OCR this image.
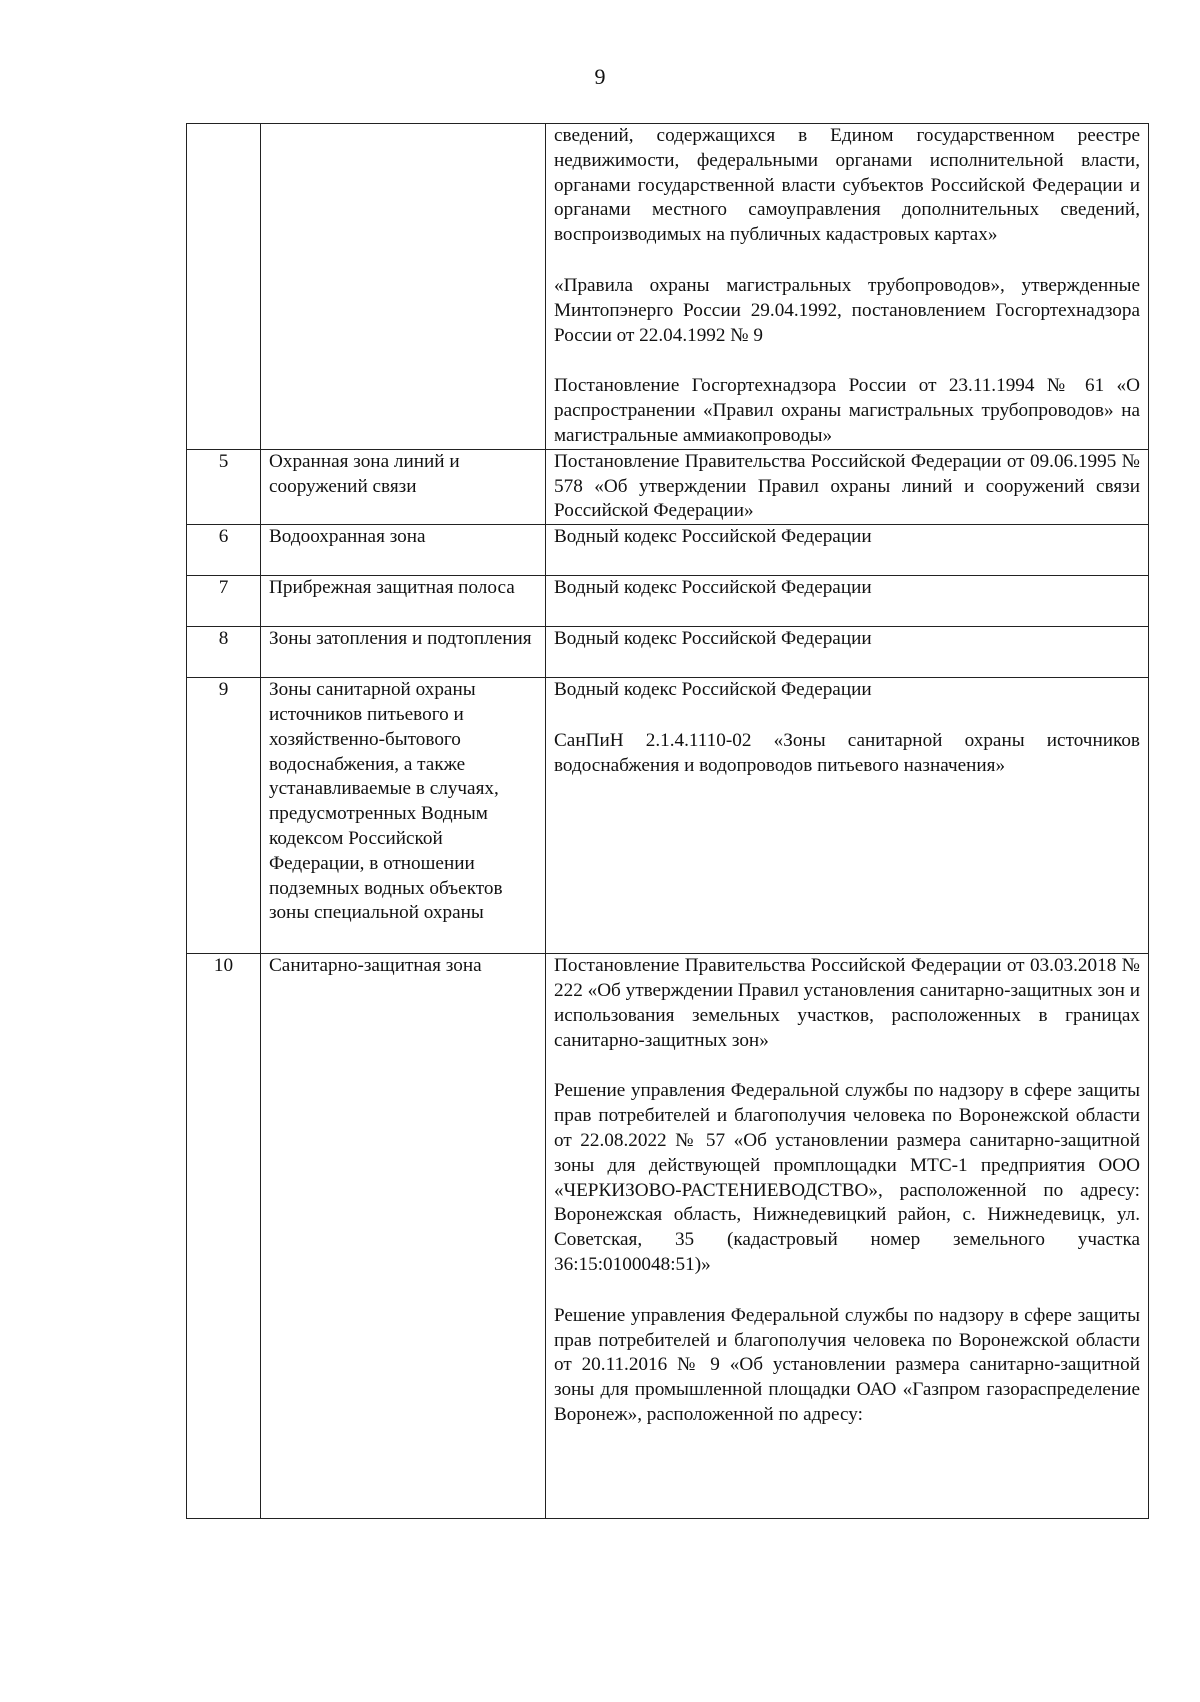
9

		сведений, содержащихся в Едином государственном реестре недвижимости, федеральными органами исполнительной власти, органами государственной власти субъектов Российской Федерации и органами местного самоуправления дополнительных сведений, воспроизводимых на публичных кадастровых картах»

«Правила охраны магистральных трубопроводов», утвержденные Минтопэнерго России 29.04.1992, постановлением Госгортехнадзора России от 22.04.1992 № 9

Постановление Госгортехнадзора России от 23.11.1994 № 61 «О распространении «Правил охраны магистральных трубопроводов» на магистральные аммиакопроводы»

5	Охранная зона линий и сооружений связи	Постановление Правительства Российской Федерации от 09.06.1995 № 578 «Об утверждении Правил охраны линий и сооружений связи Российской Федерации»

6	Водоохранная зона	Водный кодекс Российской Федерации

7	Прибрежная защитная полоса	Водный кодекс Российской Федерации

8	Зоны затопления и подтопления	Водный кодекс Российской Федерации

9	Зоны санитарной охраны источников питьевого и хозяйственно-бытового водоснабжения, а также устанавливаемые в случаях, предусмотренных Водным кодексом Российской Федерации, в отношении подземных водных объектов зоны специальной охраны	Водный кодекс Российской Федерации

СанПиН 2.1.4.1110-02 «Зоны санитарной охраны источников водоснабжения и водопроводов питьевого назначения»

10	Санитарно-защитная зона	Постановление Правительства Российской Федерации от 03.03.2018 № 222 «Об утверждении Правил установления санитарно-защитных зон и использования земельных участков, расположенных в границах санитарно-защитных зон»

Решение управления Федеральной службы по надзору в сфере защиты прав потребителей и благополучия человека по Воронежской области от 22.08.2022 № 57 «Об установлении размера санитарно-защитной зоны для действующей промплощадки МТС-1 предприятия ООО «ЧЕРКИЗОВО-РАСТЕНИЕВОДСТВО», расположенной по адресу: Воронежская область, Нижнедевицкий район, с. Нижнедевицк, ул. Советская, 35 (кадастровый номер земельного участка 36:15:0100048:51)»

Решение управления Федеральной службы по надзору в сфере защиты прав потребителей и благополучия человека по Воронежской области от 20.11.2016 № 9 «Об установлении размера санитарно-защитной зоны для промышленной площадки ОАО «Газпром газораспределение Воронеж», расположенной по адресу:
